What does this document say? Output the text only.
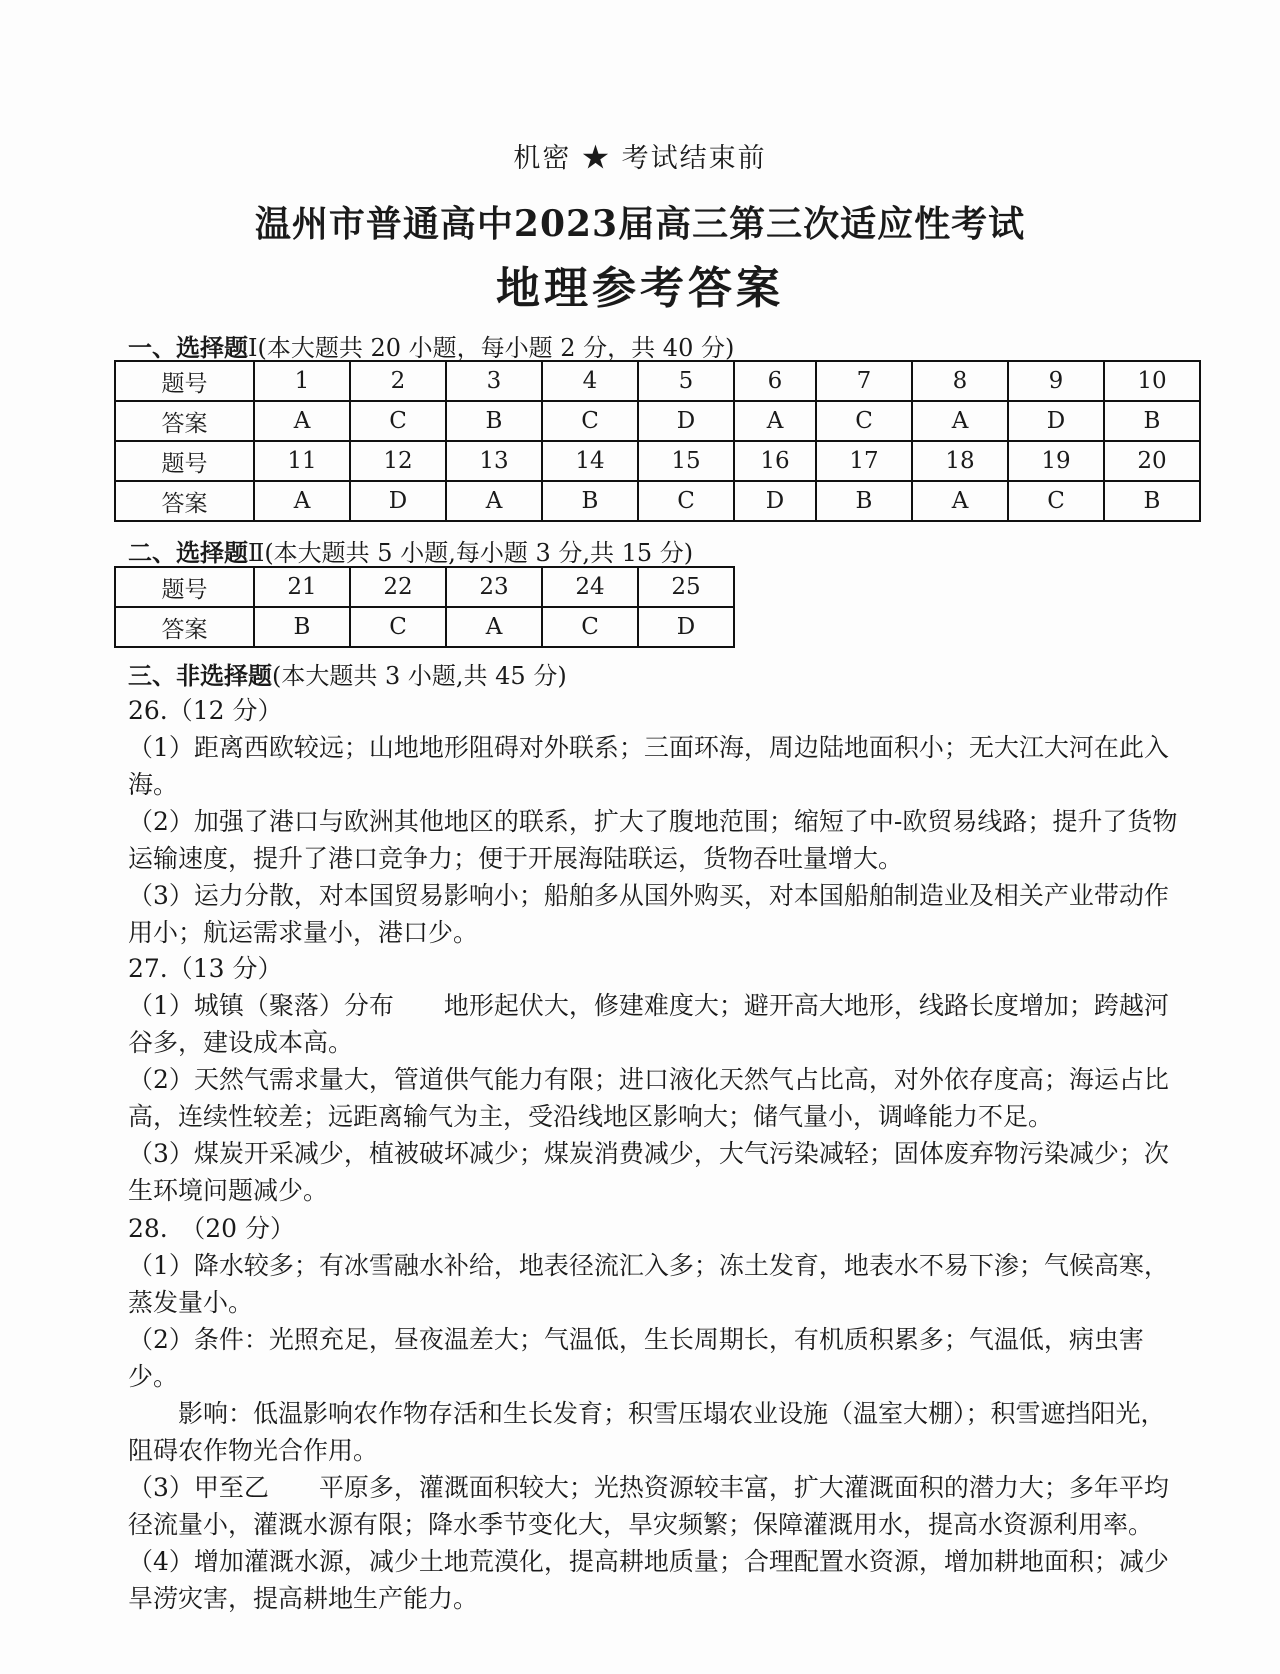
机密 ★ 考试结束前
温州市普通高中2023届高三第三次适应性考试
地理参考答案
一、选择题Ⅰ(本大题共 20 小题，每小题 2 分，共 40 分)
题号	1	2	3	4	5	6	7	8	9	10
答案	A	C	B	C	D	A	C	A	D	B
题号	11	12	13	14	15	16	17	18	19	20
答案	A	D	A	B	C	D	B	A	C	B
二、选择题Ⅱ(本大题共 5 小题,每小题 3 分,共 15 分)
题号	21	22	23	24	25
答案	B	C	A	C	D
三、非选择题(本大题共 3 小题,共 45 分)
26.（12 分）
（1）距离西欧较远；山地地形阻碍对外联系；三面环海，周边陆地面积小；无大江大河在此入海。
（2）加强了港口与欧洲其他地区的联系，扩大了腹地范围；缩短了中-欧贸易线路；提升了货物运输速度，提升了港口竞争力；便于开展海陆联运，货物吞吐量增大。
（3）运力分散，对本国贸易影响小；船舶多从国外购买，对本国船舶制造业及相关产业带动作用小；航运需求量小，港口少。
27.（13 分）
（1）城镇（聚落）分布　　地形起伏大，修建难度大；避开高大地形，线路长度增加；跨越河谷多，建设成本高。
（2）天然气需求量大，管道供气能力有限；进口液化天然气占比高，对外依存度高；海运占比高，连续性较差；远距离输气为主，受沿线地区影响大；储气量小，调峰能力不足。
（3）煤炭开采减少，植被破坏减少；煤炭消费减少，大气污染减轻；固体废弃物污染减少；次生环境问题减少。
28.　（20 分）
（1）降水较多；有冰雪融水补给，地表径流汇入多；冻土发育，地表水不易下渗；气候高寒，蒸发量小。
（2）条件：光照充足，昼夜温差大；气温低，生长周期长，有机质积累多；气温低，病虫害少。
　　影响：低温影响农作物存活和生长发育；积雪压塌农业设施（温室大棚）；积雪遮挡阳光，阻碍农作物光合作用。
（3）甲至乙　　平原多，灌溉面积较大；光热资源较丰富，扩大灌溉面积的潜力大；多年平均径流量小，灌溉水源有限；降水季节变化大，旱灾频繁；保障灌溉用水，提高水资源利用率。
（4）增加灌溉水源，减少土地荒漠化，提高耕地质量；合理配置水资源，增加耕地面积；减少旱涝灾害，提高耕地生产能力。
